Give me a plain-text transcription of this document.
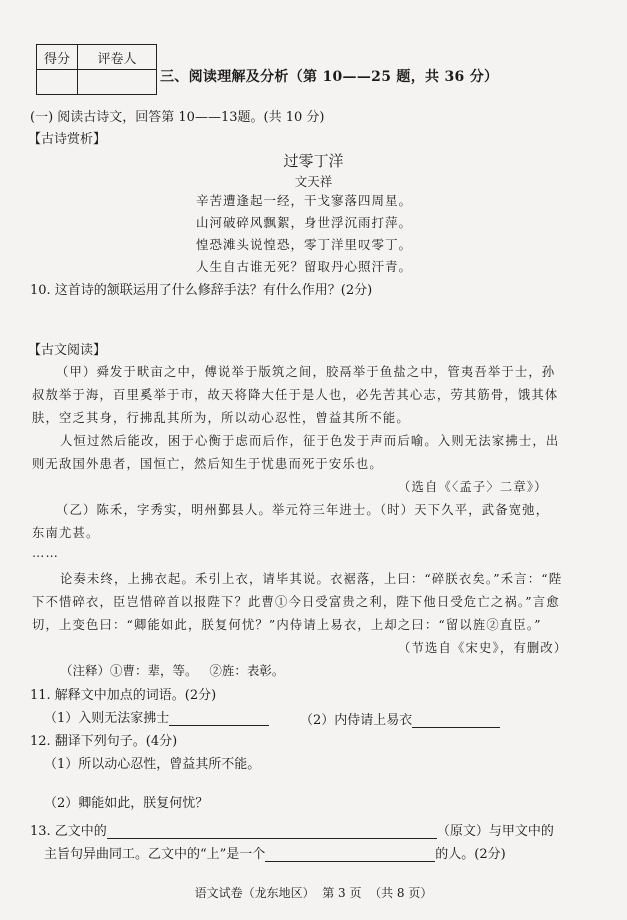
得分	评卷人

三、阅读理解及分析（第 10——25 题，共 36 分）
(一) 阅读古诗文，回答第 10——13题。(共 10 分)
【古诗赏析】
过零丁洋
文天祥
辛苦遭逢起一经，干戈寥落四周星。
山河破碎风飘絮，身世浮沉雨打萍。
惶恐滩头说惶恐，零丁洋里叹零丁。
人生自古谁无死？留取丹心照汗青。
10. 这首诗的颔联运用了什么修辞手法？有什么作用？(2分)
【古文阅读】
（甲）舜发于畎亩之中，傅说举于版筑之间，胶鬲举于鱼盐之中，管夷吾举于士，孙
叔敖举于海，百里奚举于市，故天将降大任于是人也，必先苦其心志，劳其筋骨，饿其体
肤，空乏其身，行拂乱其所为，所以动心忍性，曾益其所不能。
人恒过然后能改，困于心衡于虑而后作，征于色发于声而后喻。入则无法家拂士，出
则无敌国外患者，国恒亡，然后知生于忧患而死于安乐也。
（选自《〈孟子〉二章》）
（乙）陈禾，字秀实，明州鄞县人。举元符三年进士。（时）天下久平，武备宽弛，
东南尤甚。
……
论奏未终，上拂衣起。禾引上衣，请毕其说。衣裾落，上曰：“碎朕衣矣。”禾言：“陛
下不惜碎衣，臣岂惜碎首以报陛下？此曹①今日受富贵之利，陛下他日受危亡之祸。”言愈
切，上变色曰：“卿能如此，朕复何忧？”内侍请上易衣，上却之曰：“留以旌②直臣。”
（节选自《宋史》，有删改）
（注释）①曹：辈，等。   ②旌：表彰。
11. 解释文中加点的词语。(2分)
（1）入则无法家拂士	（2）内侍请上易衣
12. 翻译下列句子。(4分)
（1）所以动心忍性，曾益其所不能。
（2）卿能如此，朕复何忧？
13. 乙文中的	（原文）与甲文中的
主旨句异曲同工。乙文中的“上”是一个	的人。(2分)
语文试卷（龙东地区）  第 3 页  （共 8 页）
